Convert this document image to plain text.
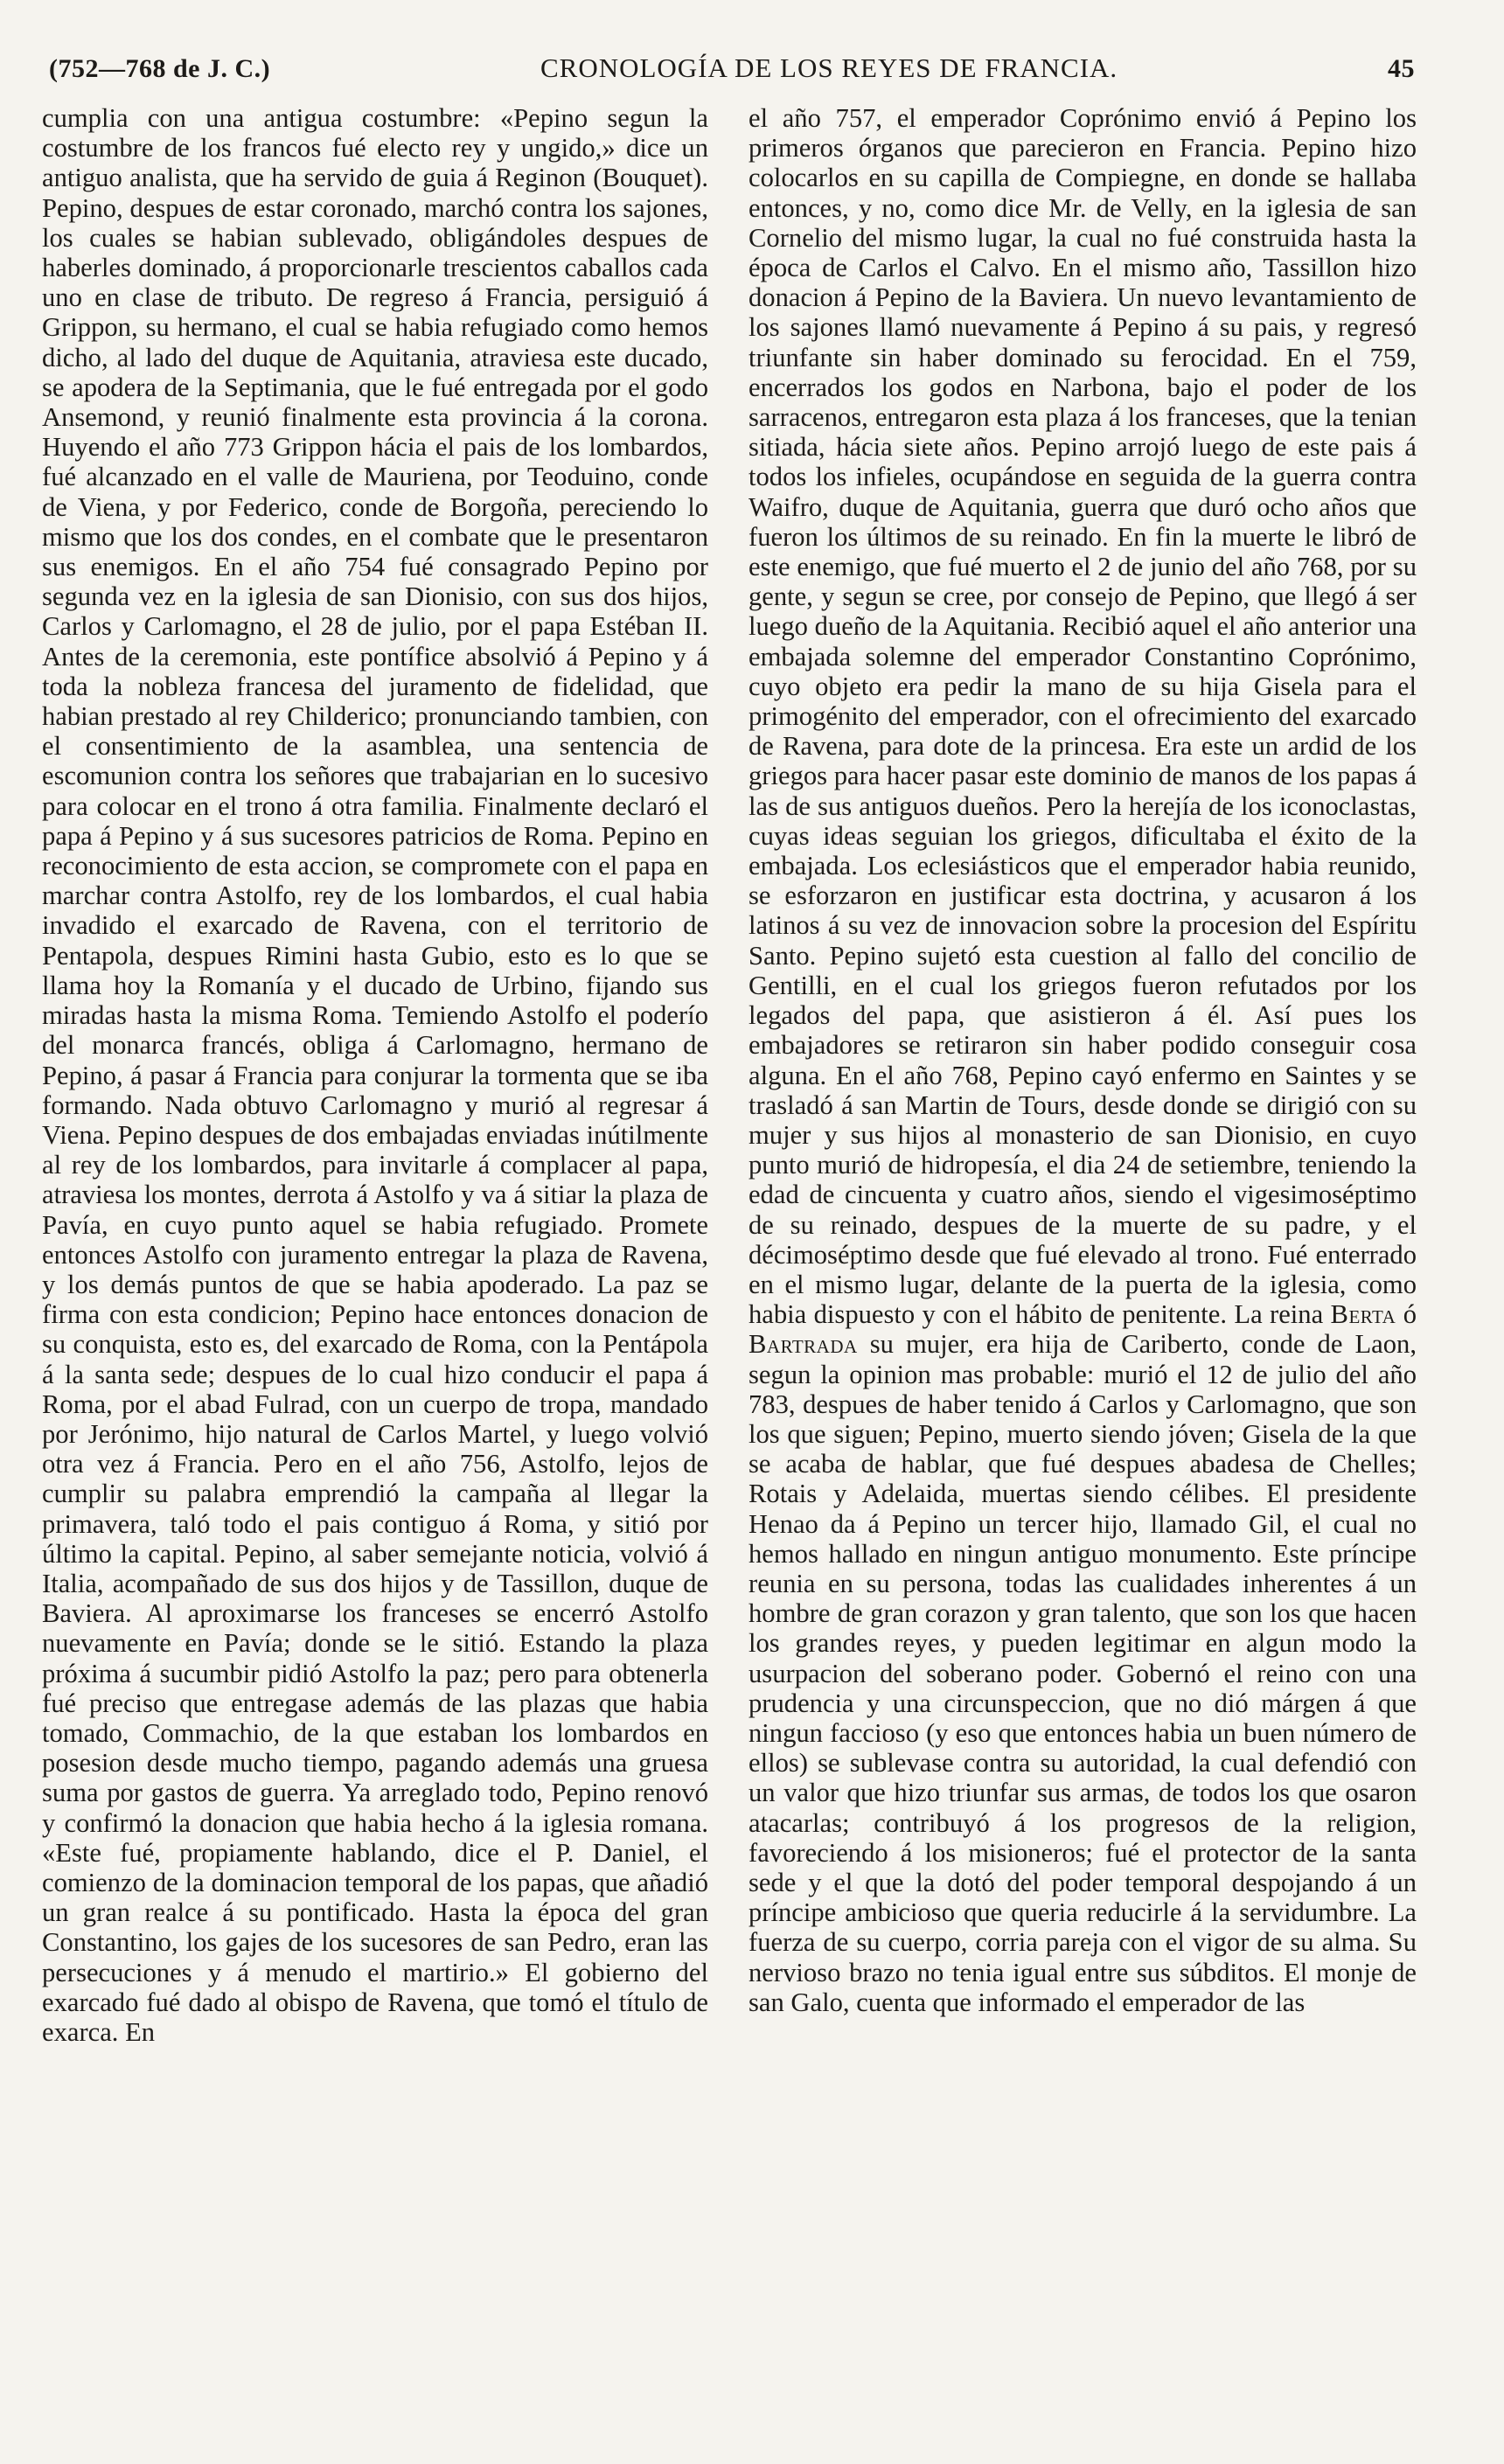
(752—768 de J. C.)	CRONOLOGÍA DE LOS REYES DE FRANCIA.	45

cumplia con una antigua costumbre: «Pepino segun la costumbre de los francos fué electo rey y ungido,» dice un antiguo analista, que ha servido de guia á Reginon (Bouquet). Pepino, despues de estar coronado, marchó contra los sajones, los cuales se habian sublevado, obligándoles despues de haberles dominado, á proporcionarle trescientos caballos cada uno en clase de tributo. De regreso á Francia, persiguió á Grippon, su hermano, el cual se habia refugiado como hemos dicho, al lado del duque de Aquitania, atraviesa este ducado, se apodera de la Septimania, que le fué entregada por el godo Ansemond, y reunió finalmente esta provincia á la corona. Huyendo el año 773 Grippon hácia el pais de los lombardos, fué alcanzado en el valle de Mauriena, por Teoduino, conde de Viena, y por Federico, conde de Borgoña, pereciendo lo mismo que los dos condes, en el combate que le presentaron sus enemigos. En el año 754 fué consagrado Pepino por segunda vez en la iglesia de san Dionisio, con sus dos hijos, Carlos y Carlomagno, el 28 de julio, por el papa Estéban II. Antes de la ceremonia, este pontífice absolvió á Pepino y á toda la nobleza francesa del juramento de fidelidad, que habian prestado al rey Childerico; pronunciando tambien, con el consentimiento de la asamblea, una sentencia de escomunion contra los señores que trabajarian en lo sucesivo para colocar en el trono á otra familia. Finalmente declaró el papa á Pepino y á sus sucesores patricios de Roma. Pepino en reconocimiento de esta accion, se compromete con el papa en marchar contra Astolfo, rey de los lombardos, el cual habia invadido el exarcado de Ravena, con el territorio de Pentapola, despues Rimini hasta Gubio, esto es lo que se llama hoy la Romanía y el ducado de Urbino, fijando sus miradas hasta la misma Roma. Temiendo Astolfo el poderío del monarca francés, obliga á Carlomagno, hermano de Pepino, á pasar á Francia para conjurar la tormenta que se iba formando. Nada obtuvo Carlomagno y murió al regresar á Viena. Pepino despues de dos embajadas enviadas inútilmente al rey de los lombardos, para invitarle á complacer al papa, atraviesa los montes, derrota á Astolfo y va á sitiar la plaza de Pavía, en cuyo punto aquel se habia refugiado. Promete entonces Astolfo con juramento entregar la plaza de Ravena, y los demás puntos de que se habia apoderado. La paz se firma con esta condicion; Pepino hace entonces donacion de su conquista, esto es, del exarcado de Roma, con la Pentápola á la santa sede; despues de lo cual hizo conducir el papa á Roma, por el abad Fulrad, con un cuerpo de tropa, mandado por Jerónimo, hijo natural de Carlos Martel, y luego volvió otra vez á Francia. Pero en el año 756, Astolfo, lejos de cumplir su palabra emprendió la campaña al llegar la primavera, taló todo el pais contiguo á Roma, y sitió por último la capital. Pepino, al saber semejante noticia, volvió á Italia, acompañado de sus dos hijos y de Tassillon, duque de Baviera. Al aproximarse los franceses se encerró Astolfo nuevamente en Pavía; donde se le sitió. Estando la plaza próxima á sucumbir pidió Astolfo la paz; pero para obtenerla fué preciso que entregase además de las plazas que habia tomado, Commachio, de la que estaban los lombardos en posesion desde mucho tiempo, pagando además una gruesa suma por gastos de guerra. Ya arreglado todo, Pepino renovó y confirmó la donacion que habia hecho á la iglesia romana. «Este fué, propiamente hablando, dice el P. Daniel, el comienzo de la dominacion temporal de los papas, que añadió un gran realce á su pontificado. Hasta la época del gran Constantino, los gajes de los sucesores de san Pedro, eran las persecuciones y á menudo el martirio.» El gobierno del exarcado fué dado al obispo de Ravena, que tomó el título de exarca. En

el año 757, el emperador Coprónimo envió á Pepino los primeros órganos que parecieron en Francia. Pepino hizo colocarlos en su capilla de Compiegne, en donde se hallaba entonces, y no, como dice Mr. de Velly, en la iglesia de san Cornelio del mismo lugar, la cual no fué construida hasta la época de Carlos el Calvo. En el mismo año, Tassillon hizo donacion á Pepino de la Baviera. Un nuevo levantamiento de los sajones llamó nuevamente á Pepino á su pais, y regresó triunfante sin haber dominado su ferocidad. En el 759, encerrados los godos en Narbona, bajo el poder de los sarracenos, entregaron esta plaza á los franceses, que la tenian sitiada, hácia siete años. Pepino arrojó luego de este pais á todos los infieles, ocupándose en seguida de la guerra contra Waifro, duque de Aquitania, guerra que duró ocho años que fueron los últimos de su reinado. En fin la muerte le libró de este enemigo, que fué muerto el 2 de junio del año 768, por su gente, y segun se cree, por consejo de Pepino, que llegó á ser luego dueño de la Aquitania. Recibió aquel el año anterior una embajada solemne del emperador Constantino Coprónimo, cuyo objeto era pedir la mano de su hija Gisela para el primogénito del emperador, con el ofrecimiento del exarcado de Ravena, para dote de la princesa. Era este un ardid de los griegos para hacer pasar este dominio de manos de los papas á las de sus antiguos dueños. Pero la herejía de los iconoclastas, cuyas ideas seguian los griegos, dificultaba el éxito de la embajada. Los eclesiásticos que el emperador habia reunido, se esforzaron en justificar esta doctrina, y acusaron á los latinos á su vez de innovacion sobre la procesion del Espíritu Santo. Pepino sujetó esta cuestion al fallo del concilio de Gentilli, en el cual los griegos fueron refutados por los legados del papa, que asistieron á él. Así pues los embajadores se retiraron sin haber podido conseguir cosa alguna. En el año 768, Pepino cayó enfermo en Saintes y se trasladó á san Martin de Tours, desde donde se dirigió con su mujer y sus hijos al monasterio de san Dionisio, en cuyo punto murió de hidropesía, el dia 24 de setiembre, teniendo la edad de cincuenta y cuatro años, siendo el vigesimoséptimo de su reinado, despues de la muerte de su padre, y el décimoséptimo desde que fué elevado al trono. Fué enterrado en el mismo lugar, delante de la puerta de la iglesia, como habia dispuesto y con el hábito de penitente. La reina Berta ó Bartrada su mujer, era hija de Cariberto, conde de Laon, segun la opinion mas probable: murió el 12 de julio del año 783, despues de haber tenido á Carlos y Carlomagno, que son los que siguen; Pepino, muerto siendo jóven; Gisela de la que se acaba de hablar, que fué despues abadesa de Chelles; Rotais y Adelaida, muertas siendo célibes. El presidente Henao da á Pepino un tercer hijo, llamado Gil, el cual no hemos hallado en ningun antiguo monumento. Este príncipe reunia en su persona, todas las cualidades inherentes á un hombre de gran corazon y gran talento, que son los que hacen los grandes reyes, y pueden legitimar en algun modo la usurpacion del soberano poder. Gobernó el reino con una prudencia y una circunspeccion, que no dió márgen á que ningun faccioso (y eso que entonces habia un buen número de ellos) se sublevase contra su autoridad, la cual defendió con un valor que hizo triunfar sus armas, de todos los que osaron atacarlas; contribuyó á los progresos de la religion, favoreciendo á los misioneros; fué el protector de la santa sede y el que la dotó del poder temporal despojando á un príncipe ambicioso que queria reducirle á la servidumbre. La fuerza de su cuerpo, corria pareja con el vigor de su alma. Su nervioso brazo no tenia igual entre sus súbditos. El monje de san Galo, cuenta que informado el emperador de las
